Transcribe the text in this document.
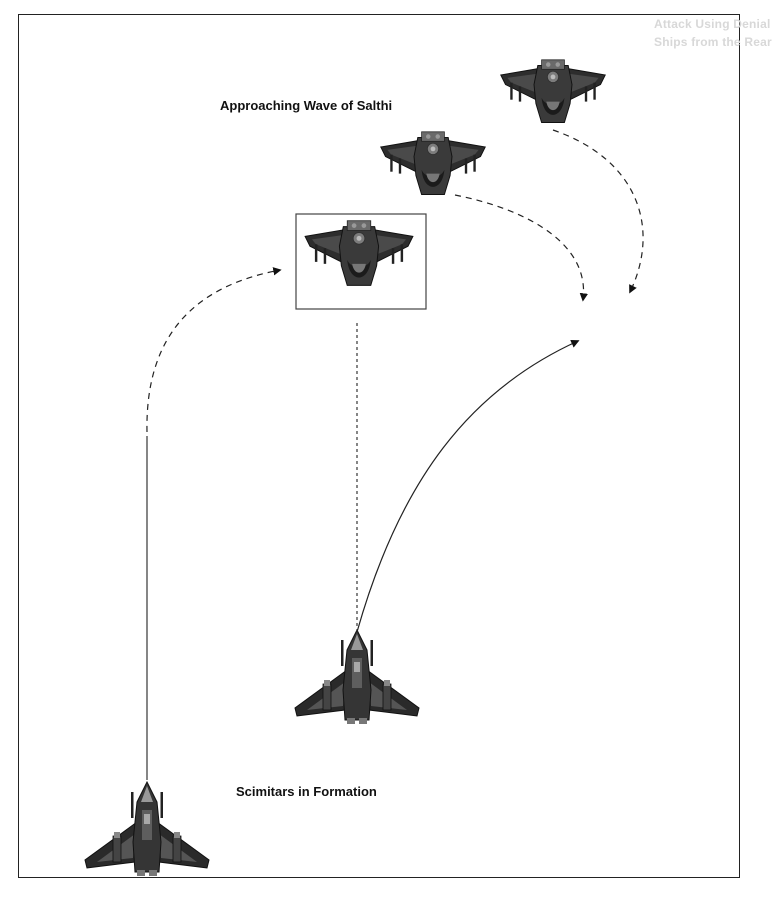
Attack Using Denial
Ships from the Rear
Approaching Wave of Salthi
Scimitars in Formation
